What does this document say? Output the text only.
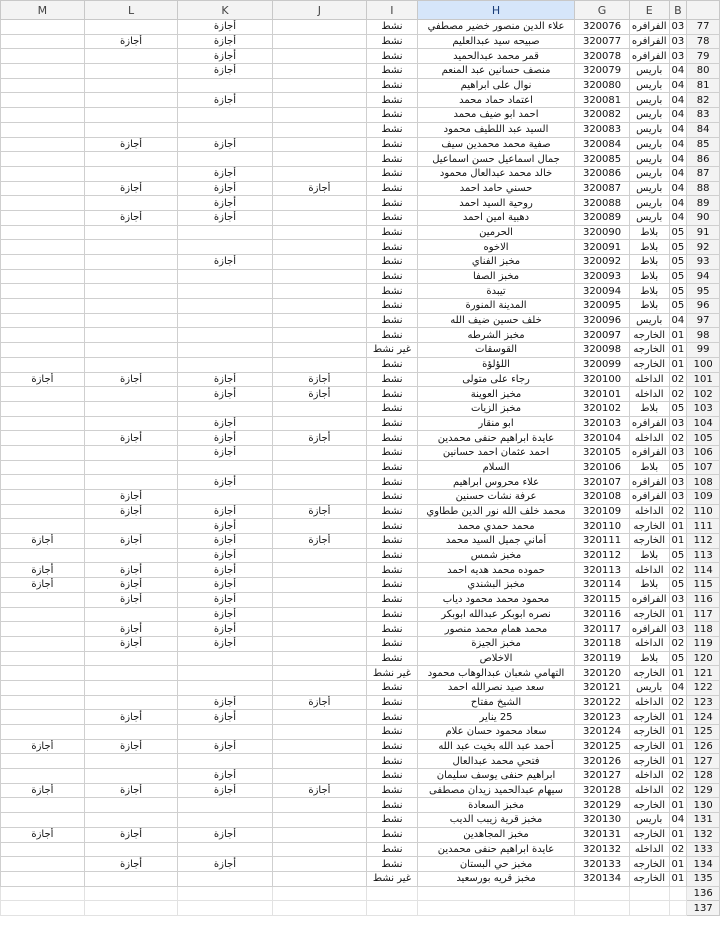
M	L	K	J	I	H	G	E	B	
		أجازة		نشط	علاء الدين منصور خضير مصطفي	320076	الفرافره	03	77
	أجازة	أجازة		نشط	صبيحه سيد عبدالعليم	320077	الفرافره	03	78
		أجازة		نشط	قمر محمد عبدالحميد	320078	الفرافره	03	79
		أجازة		نشط	منصف حسانين عبد المنعم	320079	باريس	04	80
				نشط	نوال على ابراهيم	320080	باريس	04	81
		أجازة		نشط	اعتماد حماد محمد	320081	باريس	04	82
				نشط	احمد ابو ضيف محمد	320082	باريس	04	83
				نشط	السيد عبد اللطيف محمود	320083	باريس	04	84
	أجازة	أجازة		نشط	صفية محمد محمدين سيف	320084	باريس	04	85
				نشط	جمال اسماعيل حسن اسماعيل	320085	باريس	04	86
		أجازة		نشط	خالد محمد عبدالعال محمود	320086	باريس	04	87
	أجازة	أجازة	أجازة	نشط	حسني حامد احمد	320087	باريس	04	88
		أجازة		نشط	روحية السيد احمد	320088	باريس	04	89
	أجازة	أجازة		نشط	دهبية امين احمد	320089	باريس	04	90
				نشط	الحرمين	320090	بلاط	05	91
				نشط	الاخوه	320091	بلاط	05	92
		أجازة		نشط	مخبز الفناي	320092	بلاط	05	93
				نشط	مخبز الصفا	320093	بلاط	05	94
				نشط	تيبدة	320094	بلاط	05	95
				نشط	المدينة المنورة	320095	بلاط	05	96
				نشط	خلف حسين ضيف الله	320096	باريس	04	97
				نشط	مخبز الشرطه	320097	الخارجه	01	98
				غير نشط	القوسقات	320098	الخارجه	01	99
				نشط	اللؤلؤة	320099	الخارجه	01	100
أجازة	أجازة	أجازة	أجازة	نشط	رجاء على متولى	320100	الداخله	02	101
		أجازة	أجازة	نشط	مخبز العوينة	320101	الداخله	02	102
				نشط	مخبز الزيات	320102	بلاط	05	103
		أجازة		نشط	ابو منقار	320103	الفرافره	03	104
	أجازة	أجازة	أجازة	نشط	عايدة ابراهيم حنفى محمدين	320104	الداخله	02	105
		أجازة		نشط	احمد عثمان احمد حسانين	320105	الفرافره	03	106
				نشط	السلام	320106	بلاط	05	107
		أجازة		نشط	علاء محروس ابراهيم	320107	الفرافره	03	108
	أجازة			نشط	عرفة نشات حسنين	320108	الفرافره	03	109
	أجازة	أجازة	أجازة	نشط	محمد خلف الله نور الدين ططاوي	320109	الداخله	02	110
		أجازة		نشط	محمد حمدي محمد	320110	الخارجه	01	111
أجازة	أجازة	أجازة	أجازة	نشط	أماني جميل السيد محمد	320111	الخارجه	01	112
		أجازة		نشط	مخبز شمس	320112	بلاط	05	113
أجازة	أجازة	أجازة		نشط	حموده محمد هديه احمد	320113	الداخله	02	114
أجازة	أجازة	أجازة		نشط	مخبز البشندي	320114	بلاط	05	115
	أجازة	أجازة		نشط	محمود محمد محمود دياب	320115	الفرافره	03	116
		أجازة		نشط	نصره ابوبكر عبدالله ابوبكر	320116	الخارجه	01	117
	أجازة	أجازة		نشط	محمد همام محمد منصور	320117	الفرافره	03	118
	أجازة	أجازة		نشط	مخبز الجيزة	320118	الداخله	02	119
				نشط	الاخلاص	320119	بلاط	05	120
				غير نشط	التهامي شعبان عبدالوهاب محمود	320120	الخارجه	01	121
				نشط	سعد صيد نصرالله احمد	320121	باريس	04	122
		أجازة	أجازة	نشط	الشيخ مفتاح	320122	الداخله	02	123
	أجازة	أجازة		نشط	25 يناير	320123	الخارجه	01	124
				نشط	سعاد محمود حسان علام	320124	الخارجه	01	125
أجازة	أجازة	أجازة		نشط	أحمد عبد الله بخيت عبد الله	320125	الخارجه	01	126
				نشط	فتحي محمد عبدالعال	320126	الخارجه	01	127
		أجازة		نشط	ابراهيم حنفى يوسف سليمان	320127	الداخله	02	128
أجازة	أجازة	أجازة	أجازة	نشط	سيهام عبدالحميد زيدان مصطفى	320128	الداخله	02	129
				نشط	مخبز السعادة	320129	الخارجه	01	130
				نشط	مخبز قرية زيبب الديب	320130	باريس	04	131
أجازة	أجازة	أجازة		نشط	مخبز المجاهدين	320131	الخارجه	01	132
				نشط	عايدة ابراهيم حنفى محمدين	320132	الداخله	02	133
	أجازة	أجازة		نشط	مخبز حي البستان	320133	الخارجه	01	134
				غير نشط	مخبز قريه بورسعيد	320134	الخارجه	01	135
									136
									137
